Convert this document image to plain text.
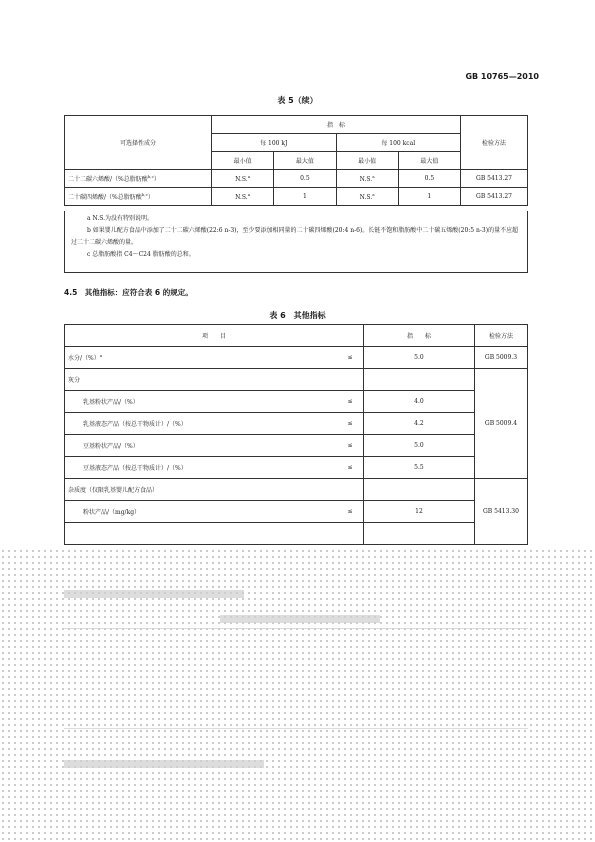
GB 10765—2010
表 5（续）
可选择性成分	指　标				检验方法
	每 100 kJ		每 100 kcal		
	最小值	最大值	最小值	最大值	
二十二碳六烯酸/（%总脂肪酸$^{b,c}$）	N.S.$^a$	0.5	N.S.$^a$	0.5	GB 5413.27
二十碳四烯酸/（%总脂肪酸$^{b,c}$）	N.S.$^a$	1	N.S.$^a$	1	GB 5413.27
a N.S.为没有特别说明。
b 如果婴儿配方食品中添加了二十二碳六烯酸(22:6 n-3)，至少要添加相同量的二十碳四烯酸(20:4 n-6)。长链不饱和脂肪酸中二十碳五烯酸(20:5 n-3)的量不应超过二十二碳六烯酸的量。
c 总脂肪酸指 C4～C24 脂肪酸的总和。
4.5　其他指标：应符合表 6 的规定。
表 6　其他指标
项　　目		指　　标	检验方法
水分/（%）$^a$	≤	5.0	GB 5009.3
灰分			GB 5009.4
乳基粉状产品/（%）	≤	4.0	
乳基液态产品（按总干物质计）/（%）	≤	4.2	
豆基粉状产品/（%）	≤	5.0	
豆基液态产品（按总干物质计）/（%）	≤	5.5	
杂质度（仅限乳基婴儿配方食品）			GB 5413.30
粉状产品/（mg/kg）	≤	12	
